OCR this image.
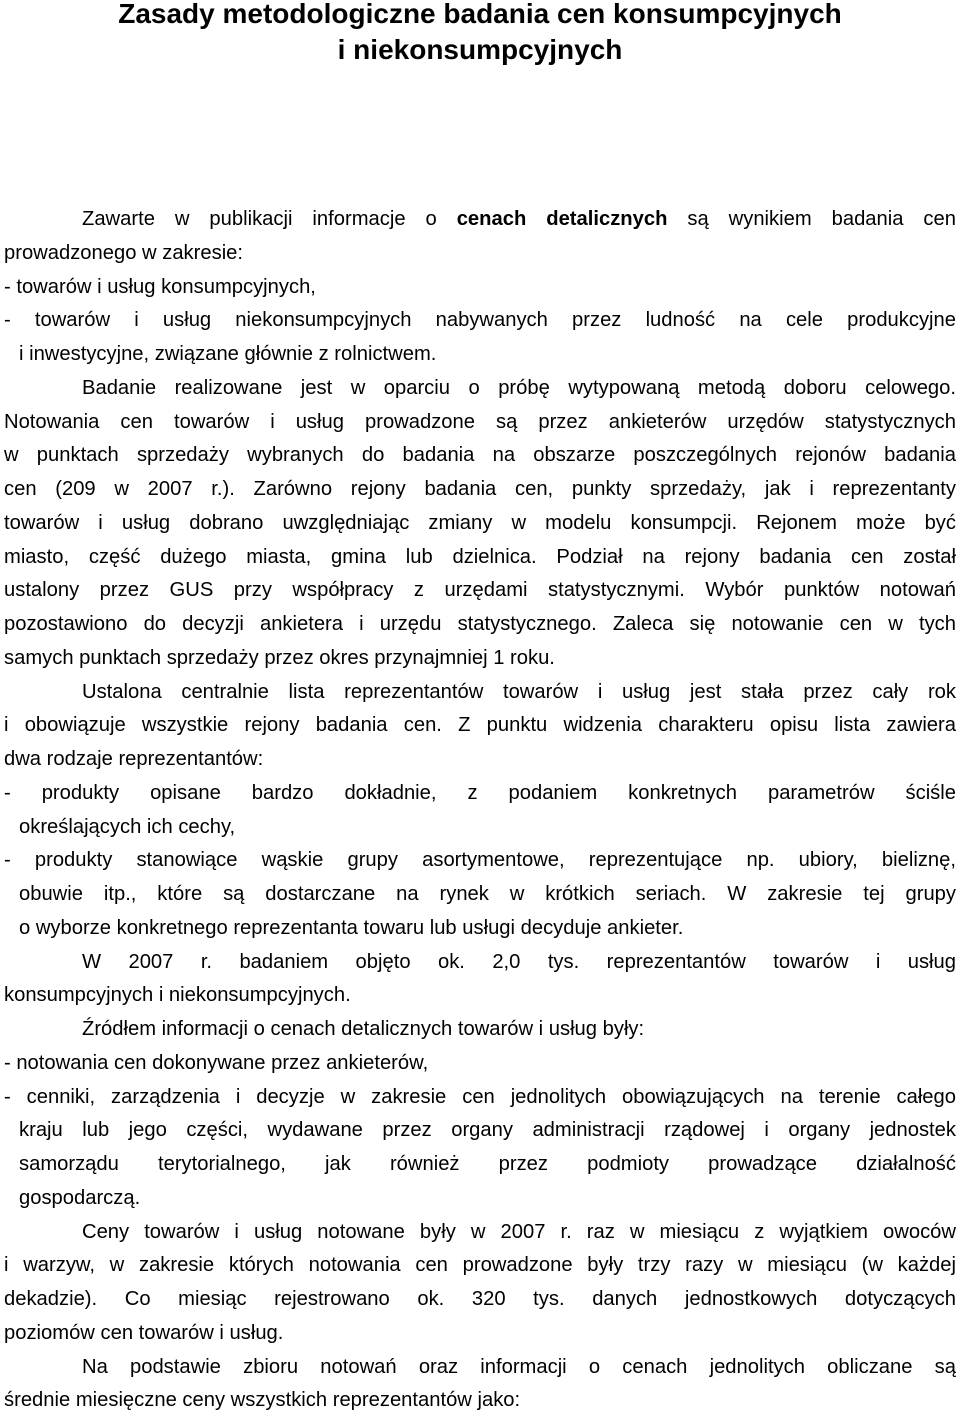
Zasady metodologiczne badania cen konsumpcyjnych
i niekonsumpcyjnych
Zawarte w publikacji informacje o cenach detalicznych są wynikiem badania cen
prowadzonego w zakresie:
- towarów i usług konsumpcyjnych,
- towarów i usług niekonsumpcyjnych nabywanych przez ludność na cele produkcyjne
i inwestycyjne, związane głównie z rolnictwem.
Badanie realizowane jest w oparciu o próbę wytypowaną metodą doboru celowego.
Notowania cen towarów i usług prowadzone są przez ankieterów urzędów statystycznych
w punktach sprzedaży wybranych do badania na obszarze poszczególnych rejonów badania
cen (209 w 2007 r.). Zarówno rejony badania cen, punkty sprzedaży, jak i reprezentanty
towarów i usług dobrano uwzględniając zmiany w modelu konsumpcji. Rejonem może być
miasto, część dużego miasta, gmina lub dzielnica. Podział na rejony badania cen został
ustalony przez GUS przy współpracy z urzędami statystycznymi. Wybór punktów notowań
pozostawiono do decyzji ankietera i urzędu statystycznego. Zaleca się notowanie cen w tych
samych punktach sprzedaży przez okres przynajmniej 1 roku.
Ustalona centralnie lista reprezentantów towarów i usług jest stała przez cały rok
i obowiązuje wszystkie rejony badania cen. Z punktu widzenia charakteru opisu lista zawiera
dwa rodzaje reprezentantów:
- produkty opisane bardzo dokładnie, z podaniem konkretnych parametrów ściśle
określających ich cechy,
- produkty stanowiące wąskie grupy asortymentowe, reprezentujące np. ubiory, bieliznę,
obuwie itp., które są dostarczane na rynek w krótkich seriach. W zakresie tej grupy
o wyborze konkretnego reprezentanta towaru lub usługi decyduje ankieter.
W 2007 r. badaniem objęto ok. 2,0 tys. reprezentantów towarów i usług
konsumpcyjnych i niekonsumpcyjnych.
Źródłem informacji o cenach detalicznych towarów i usług były:
- notowania cen dokonywane przez ankieterów,
- cenniki, zarządzenia i decyzje w zakresie cen jednolitych obowiązujących na terenie całego
kraju lub jego części, wydawane przez organy administracji rządowej i organy jednostek
samorządu terytorialnego, jak również przez podmioty prowadzące działalność
gospodarczą.
Ceny towarów i usług notowane były w 2007 r. raz w miesiącu z wyjątkiem owoców
i warzyw, w zakresie których notowania cen prowadzone były trzy razy w miesiącu (w każdej
dekadzie). Co miesiąc rejestrowano ok. 320 tys. danych jednostkowych dotyczących
poziomów cen towarów i usług.
Na podstawie zbioru notowań oraz informacji o cenach jednolitych obliczane są
średnie miesięczne ceny wszystkich reprezentantów jako:
